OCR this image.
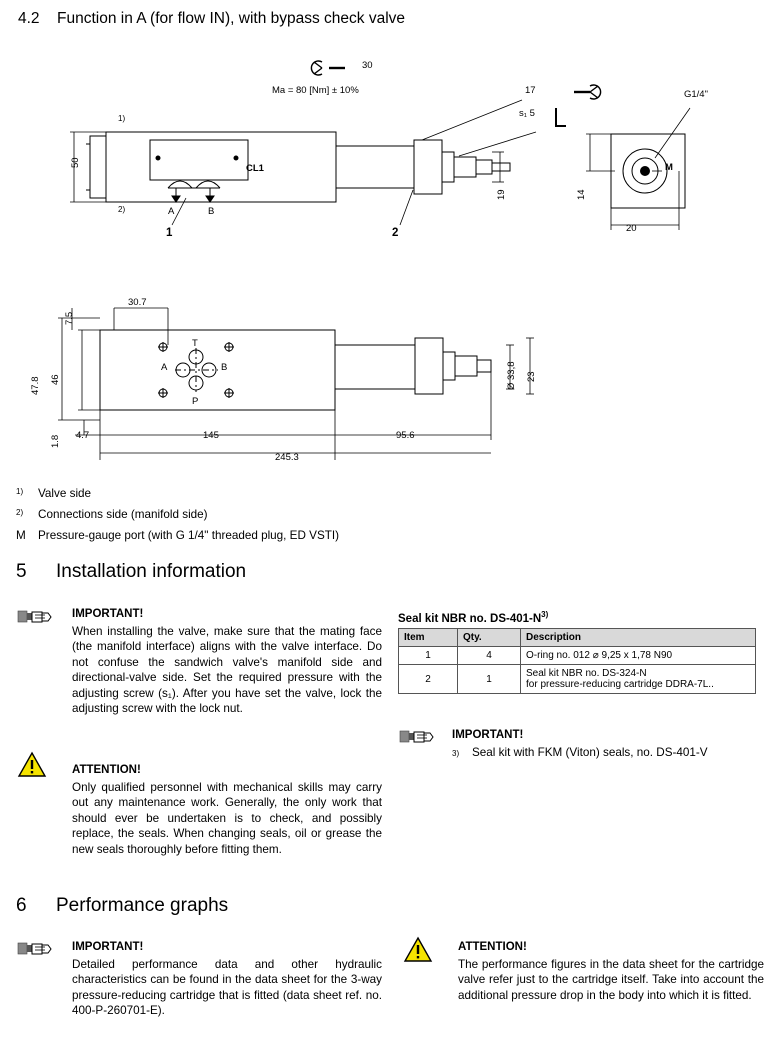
4.2 Function in A (for flow IN), with bypass check valve
50
1)
2)
CL1
A	B
1	2
30
Ma = 80 [Nm] ± 10%	17
s₁ 5
19
G1/4"
14
20
M
30.7
7.5
47.8 46
1.8 4.7	145	95.6
245.3
23
Ø 33,8
T
A	B
P
1) Valve side
2) Connections side (manifold side)
M Pressure-gauge port (with G 1/4" threaded plug, ED VSTI)
5 Installation information
IMPORTANT!
When installing the valve, make sure that the mating face (the manifold interface) aligns with the valve interface. Do not confuse the sandwich valve's manifold side and directional-valve side. Set the required pressure with the adjusting screw (s₁). After you have set the valve, lock the adjusting screw with the lock nut.
ATTENTION!
Only qualified personnel with mechanical skills may carry out any maintenance work. Generally, the only work that should ever be undertaken is to check, and possibly replace, the seals. When changing seals, oil or grease the new seals thoroughly before fitting them.
Seal kit NBR no. DS-401-N$^{3)}$
Item	Qty.	Description
1	4	O-ring no. 012 ⌀ 9,25 x 1,78 N90
2	1	Seal kit NBR no. DS-324-N
for pressure-reducing cartridge DDRA-7L..
IMPORTANT!
3) Seal kit with FKM (Viton) seals, no. DS-401-V
6 Performance graphs
IMPORTANT!
Detailed performance data and other hydraulic characteristics can be found in the data sheet for the 3-way pressure-reducing cartridge that is fitted (data sheet ref. no. 400-P-260701-E).
ATTENTION!
The performance figures in the data sheet for the cartridge valve refer just to the cartridge itself. Take into account the additional pressure drop in the body into which it is fitted.
